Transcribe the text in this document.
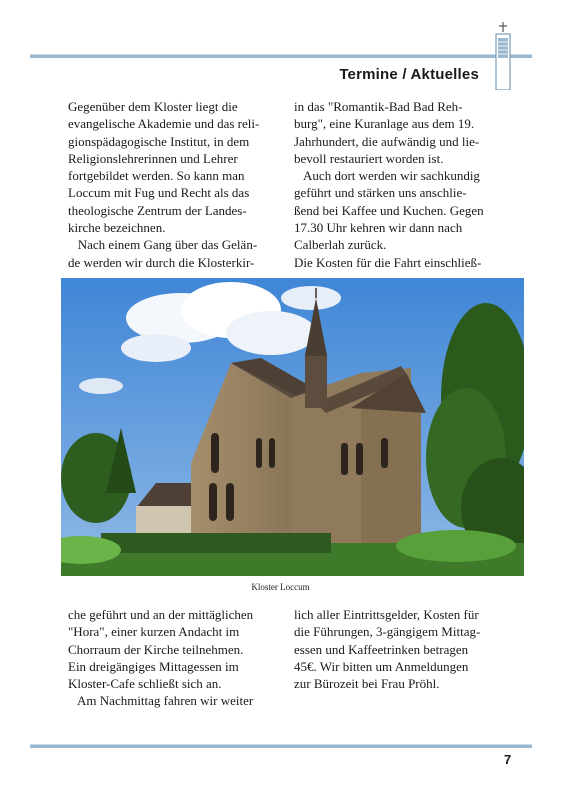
Termine / Aktuelles

Gegenüber dem Kloster liegt die

evangelische Akademie und das reli-

gionspädagogische Institut, in dem

Religionslehrerinnen und Lehrer

fortgebildet werden. So kann man

Loccum mit Fug und Recht als das

theologische Zentrum der Landes-

kirche bezeichnen.

Nach einem Gang über das Gelän-

de werden wir durch die Klosterkir-

in das "Romantik-Bad Bad Reh-

burg", eine Kuranlage aus dem 19.

Jahrhundert, die aufwändig und lie-

bevoll restauriert worden ist.

Auch dort werden wir sachkundig

geführt und stärken uns anschlie-

ßend bei Kaffee und Kuchen. Gegen

17.30 Uhr kehren wir dann nach

Calberlah zurück.

Die Kosten für die Fahrt einschließ-

Kloster Loccum

che geführt und an der mittäglichen

"Hora", einer kurzen Andacht im

Chorraum der Kirche teilnehmen.

Ein dreigängiges Mittagessen im

Kloster-Cafe schließt sich an.

Am Nachmittag fahren wir weiter

lich aller Eintrittsgelder, Kosten für

die Führungen, 3-gängigem Mittag-

essen und Kaffeetrinken betragen

45€. Wir bitten um Anmeldungen

zur Bürozeit bei Frau Pröhl.

7
